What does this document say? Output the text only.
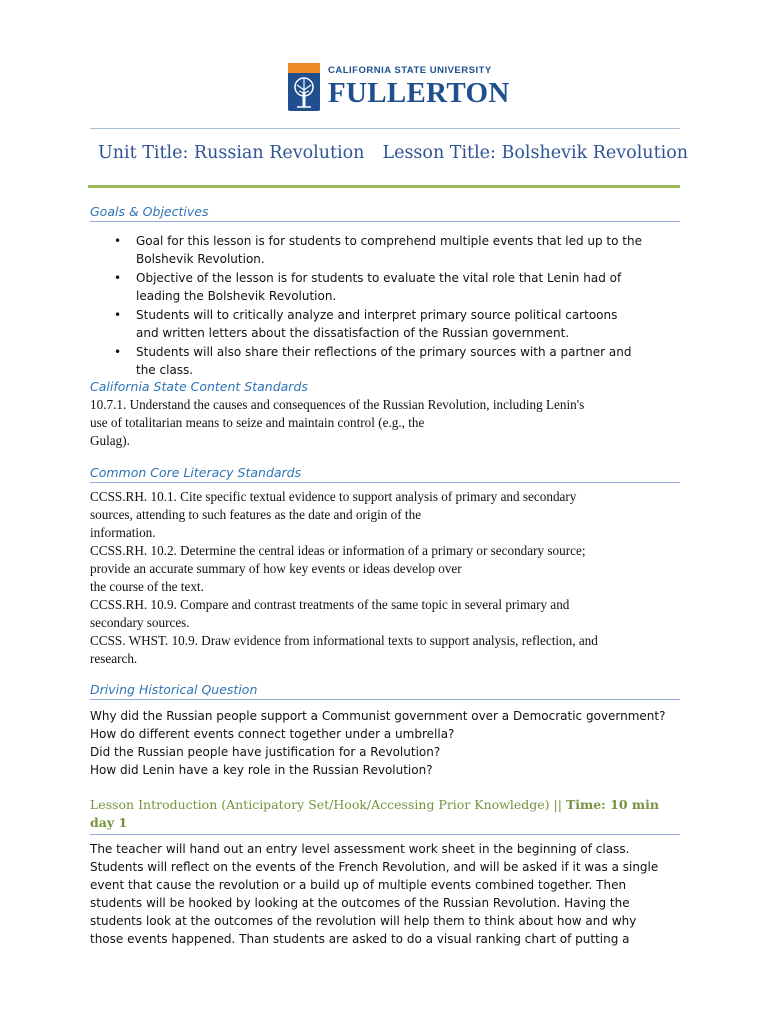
CALIFORNIA STATE UNIVERSITY
FULLERTON
Unit Title: Russian Revolution Lesson Title: Bolshevik Revolution
Goals & Objectives
• Goal for this lesson is for students to comprehend multiple events that led up to the
Bolshevik Revolution.
• Objective of the lesson is for students to evaluate the vital role that Lenin had of
leading the Bolshevik Revolution.
• Students will to critically analyze and interpret primary source political cartoons
and written letters about the dissatisfaction of the Russian government.
• Students will also share their reflections of the primary sources with a partner and
the class.
California State Content Standards
10.7.1. Understand the causes and consequences of the Russian Revolution, including Lenin's
use of totalitarian means to seize and maintain control (e.g., the
Gulag).
Common Core Literacy Standards
CCSS.RH. 10.1. Cite specific textual evidence to support analysis of primary and secondary
sources, attending to such features as the date and origin of the
information.
CCSS.RH. 10.2. Determine the central ideas or information of a primary or secondary source;
provide an accurate summary of how key events or ideas develop over
the course of the text.
CCSS.RH. 10.9. Compare and contrast treatments of the same topic in several primary and
secondary sources.
CCSS. WHST. 10.9. Draw evidence from informational texts to support analysis, reflection, and
research.
Driving Historical Question
Why did the Russian people support a Communist government over a Democratic government?
How do different events connect together under a umbrella?
Did the Russian people have justification for a Revolution?
How did Lenin have a key role in the Russian Revolution?
Lesson Introduction (Anticipatory Set/Hook/Accessing Prior Knowledge) || Time: 10 min
day 1
The teacher will hand out an entry level assessment work sheet in the beginning of class.
Students will reflect on the events of the French Revolution, and will be asked if it was a single
event that cause the revolution or a build up of multiple events combined together. Then
students will be hooked by looking at the outcomes of the Russian Revolution. Having the
students look at the outcomes of the revolution will help them to think about how and why
those events happened. Than students are asked to do a visual ranking chart of putting a
